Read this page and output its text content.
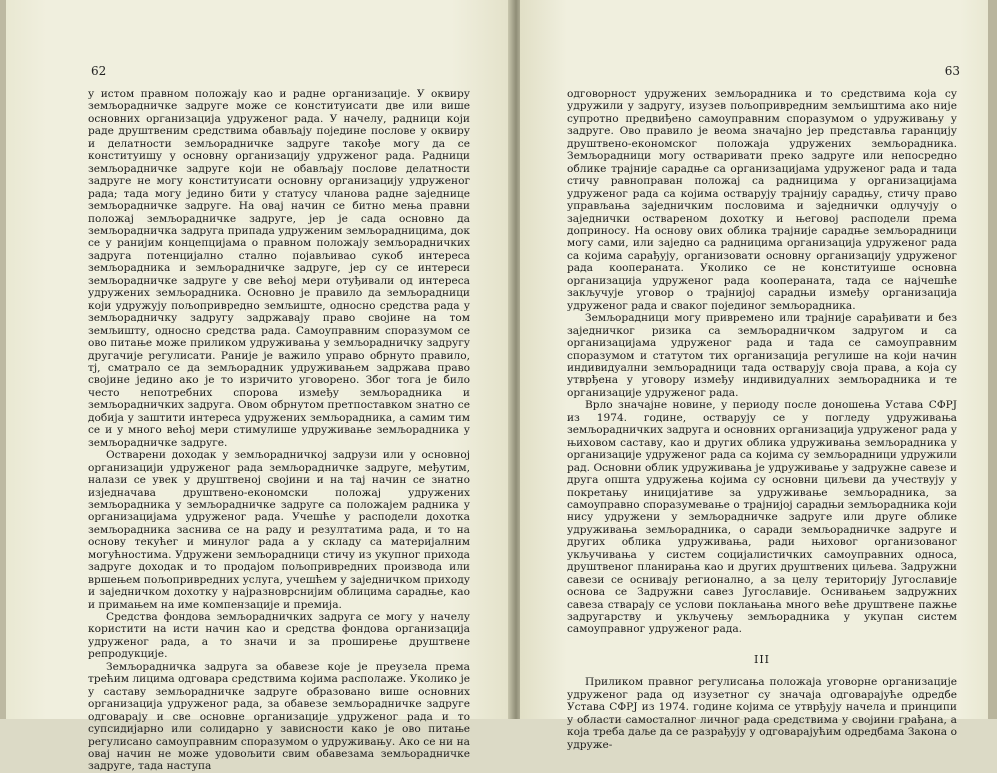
62

у истом правном положају као и радне организације. У оквиру земљорадничке задруге може се конституисати две или више основних организација удруженог рада. У начелу, радници који раде друштвеним средствима обављају поједине послове у оквиру и делатности земљорадничке задруге такође могу да се конституишу у основну организацију удруженог рада. Радници земљорадничке задруге који не обављају послове делатности задруге не могу конституисати основну организацију удруженог рада; тада могу једино бити у статусу чланова радне заједнице земљорадничке задруге. На овај начин се битно мења правни положај земљорадничке задруге, јер је сада основно да земљорадничка задруга припада удруженим земљорадницима, док се у ранијим концепцијама о правном положају земљорадничких задруга потенцијално стално појављивао сукоб интереса земљорадника и земљорадничке задруге, јер су се интереси земљорадничке задруге у све већој мери отуђивали од интереса удружених земљорадника. Основно је правило да земљорадници који удружују пољопривредно земљиште, односно средства рада у земљорадничку задругу задржавају право својине на том земљишту, односно средства рада. Самоуправним споразумом се ово питање може приликом удруживања у земљорадничку задругу другачије регулисати. Раније је важило управо обрнуто правило, тј, сматрало се да земљорадник удруживањем задржава право својине једино ако је то изричито уговорено. Због тога је било често непотребних спорова између земљорадника и земљорадничких задруга. Овом обрнутом претпоставком знатно се добија у заштити интереса удружених земљорадника, а самим тим се и у много већој мери стимулише удруживање земљорадника у земљорадничке задруге.

Остварени доходак у земљорадничкој задрузи или у основној организацији удруженог рада земљорадничке задруге, међутим, налази се увек у друштвеној својини и на тај начин се знатно изједначава друштвено-економски положај удружених земљорадника у земљорадничке задруге са положајем радника у организацијама удруженог рада. Учешће у расподели дохотка земљорадника заснива се на раду и резултатима рада, и то на основу текућег и минулог рада а у складу са материјалним могућностима. Удружени земљорадници стичу из укупног прихода задруге доходак и то продајом пољопривредних производа или вршењем пољопривредних услуга, учешћем у заједничком приходу и заједничком дохотку у најразноврснијим облицима сарадње, као и примањем на име компензације и премија.

Средства фондова земљорадничких задруга се могу у начелу користити на исти начин као и средства фондова организација удруженог рада, а то значи и за проширење друштвене репродукције.

Земљорадничка задруга за обавезе које је преузела према трећим лицима одговара средствима којима располаже. Уколико је у саставу земљорадничке задруге образовано више основних организација удруженог рада, за обавезе земљорадничке задруге одговарају и све основне организације удруженог рада и то супсидијарно или солидарно у зависности како је ово питање регулисано самоуправним споразумом о удруживању. Ако се ни на овај начин не може удовољити свим обавезама земљорадничке задруге, тада наступа

63

одговорност удружених земљорадника и то средствима која су удружили у задругу, изузев пољопривредним земљиштима ако није супротно предвиђено самоуправним споразумом о удруживању у задруге. Ово правило је веома значајно јер представља гаранцију друштвено-економског положаја удружених земљорадника. Земљорадници могу остваривати преко задруге или непосредно облике трајније сарадње са организацијама удруженог рада и тада стичу равноправан положај са радницима у организацијама удруженог рада са којима остварују трајнију сарадњу, стичу право управљања заједничким пословима и заједнички одлучују о заједнички оствареном дохотку и његовој расподели према доприносу. На основу ових облика трајније сарадње земљорадници могу сами, или заједно са радницима организација удруженог рада са којима сарађују, организовати основну организацију удруженог рада коопераната. Уколико се не конституише основна организација удруженог рада коопераната, тада се најчешће закључује уговор о трајнијој сарадњи између организација удруженог рада и сваког појединог земљорадника.

Земљорадници могу привремено или трајније сарађивати и без заједничког ризика са земљорадничком задругом и са организацијама удруженог рада и тада се самоуправним споразумом и статутом тих организација регулише на који начин индивидуални земљорадници тада остварују своја права, а која су утврђена у уговору између индивидуалних земљорадника и те организације удруженог рада.

Врло значајне новине, у периоду после доношења Устава СФРЈ из 1974. године, остварују се у погледу удруживања земљорадничких задруга и основних организација удруженог рада у њиховом саставу, као и других облика удруживања земљорадника у организације удруженог рада са којима су земљорадници удружили рад. Основни облик удруживања је удруживање у задружне савезе и друга општа удружења којима су основни циљеви да учествују у покретању иницијативе за удруживање земљорадника, за самоуправно споразумевање о трајнијој сарадњи земљорадника који нису удружени у земљорадничке задруге или друге облике удруживања земљорадника, о саради земљорадничке задруге и других облика удруживања, ради њиховог организованог укључивања у систем социјалистичких самоуправних односа, друштвеног планирања као и других друштвених циљева. Задружни савези се оснивају регионално, а за целу територију Југославије основа се Задружни савез Југославије. Оснивањем задружних савеза стварају се услови поклањања много веће друштвене пажње задругарству и укључењу земљорадника у укупан систем самоуправног удруженог рада.

III

Приликом правног регулисања положаја уговорне организације удруженог рада од изузетног су значаја одговарајуће одредбе Устава СФРЈ из 1974. године којима се утврђују начела и принципи у области самосталног личног рада средствима у својини грађана, а која треба даље да се разрађују у одговарајућим одредбама Закона о удруже-
